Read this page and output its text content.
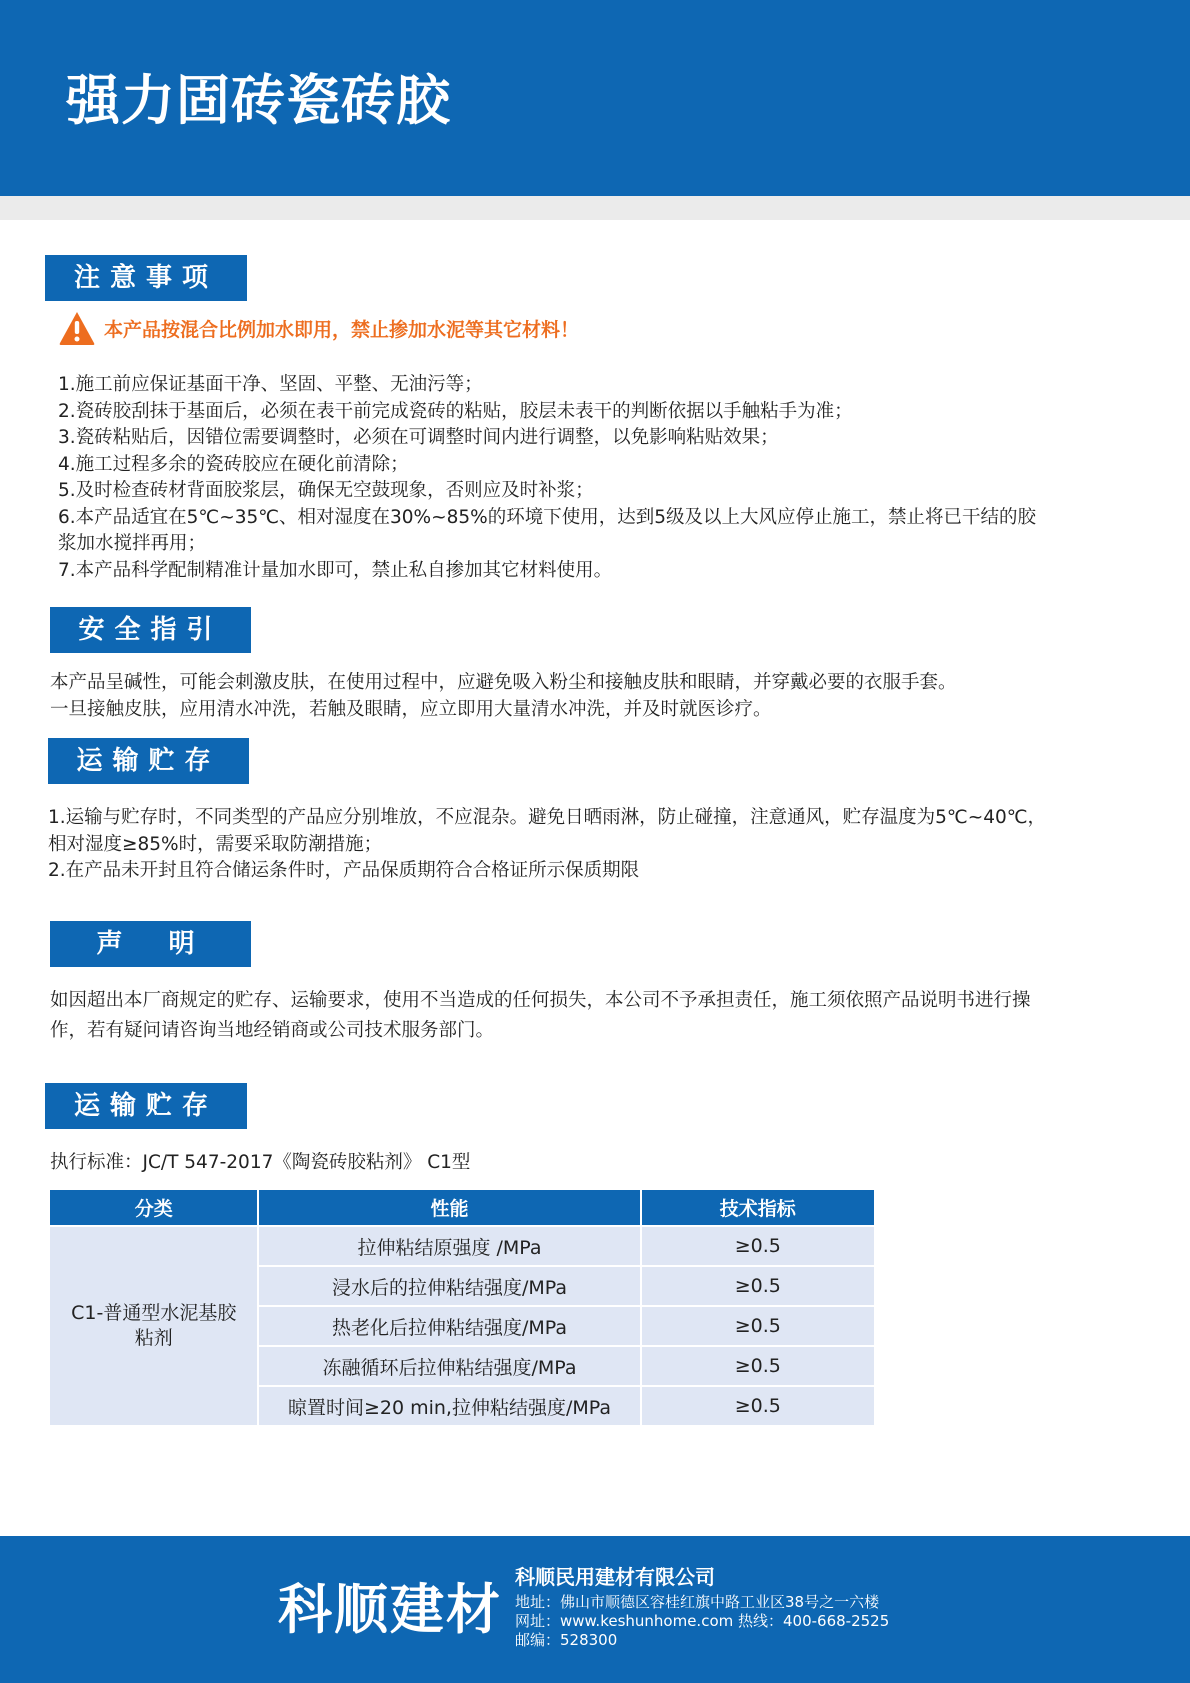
强力固砖瓷砖胶
注意事项
本产品按混合比例加水即用，禁止掺加水泥等其它材料！
1.施工前应保证基面干净、坚固、平整、无油污等；
2.瓷砖胶刮抹于基面后，必须在表干前完成瓷砖的粘贴，胶层未表干的判断依据以手触粘手为准；
3.瓷砖粘贴后，因错位需要调整时，必须在可调整时间内进行调整，以免影响粘贴效果；
4.施工过程多余的瓷砖胶应在硬化前清除；
5.及时检查砖材背面胶浆层，确保无空鼓现象，否则应及时补浆；
6.本产品适宜在5℃~35℃、相对湿度在30%~85%的环境下使用，达到5级及以上大风应停止施工，禁止将已干结的胶
浆加水搅拌再用；
7.本产品科学配制精准计量加水即可，禁止私自掺加其它材料使用。
安全指引
本产品呈碱性，可能会刺激皮肤，在使用过程中，应避免吸入粉尘和接触皮肤和眼睛，并穿戴必要的衣服手套。
一旦接触皮肤，应用清水冲洗，若触及眼睛，应立即用大量清水冲洗，并及时就医诊疗。
运输贮存
1.运输与贮存时，不同类型的产品应分别堆放，不应混杂。避免日晒雨淋，防止碰撞，注意通风，贮存温度为5℃~40℃，
相对湿度≥85%时，需要采取防潮措施；
2.在产品未开封且符合储运条件时，产品保质期符合合格证所示保质期限
声　明
如因超出本厂商规定的贮存、运输要求，使用不当造成的任何损失，本公司不予承担责任，施工须依照产品说明书进行操
作，若有疑问请咨询当地经销商或公司技术服务部门。
运输贮存
执行标准：JC/T 547-2017《陶瓷砖胶粘剂》 C1型
分类	性能	技术指标

C1-普通型水泥基胶
粘剂	拉伸粘结原强度 /MPa	≥0.5
	浸水后的拉伸粘结强度/MPa	≥0.5
	热老化后拉伸粘结强度/MPa	≥0.5
	冻融循环后拉伸粘结强度/MPa	≥0.5
	晾置时间≥20 min,拉伸粘结强度/MPa	≥0.5
科顺建材
科顺民用建材有限公司
地址：佛山市顺德区容桂红旗中路工业区38号之一六楼
网址：www.keshunhome.com 热线：400-668-2525
邮编：528300
